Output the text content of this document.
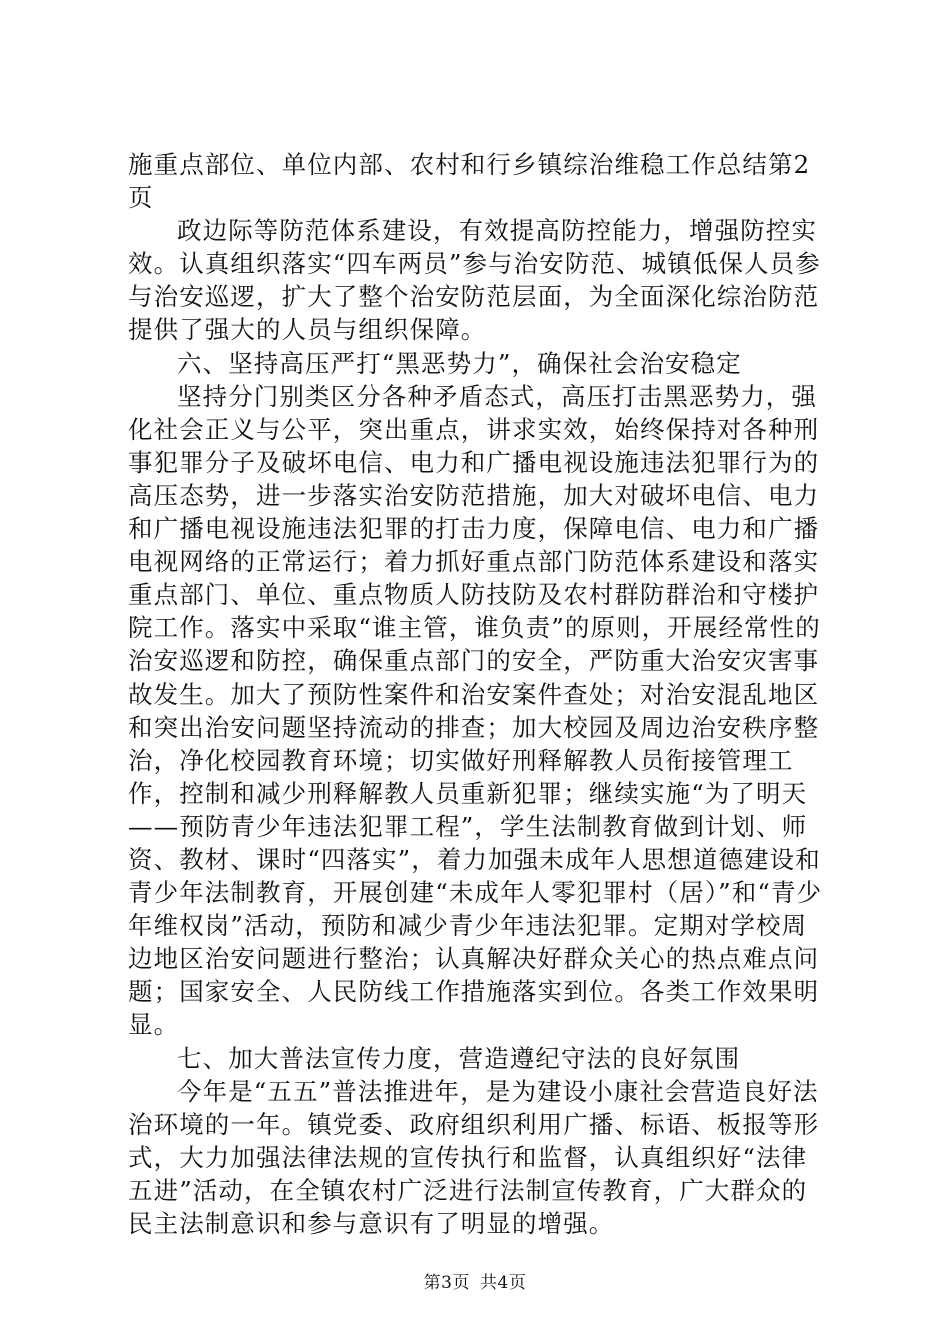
施重点部位、单位内部、农村和行乡镇综治维稳工作总结第2页

政边际等防范体系建设，有效提高防控能力，增强防控实效。认真组织落实“四车两员”参与治安防范、城镇低保人员参与治安巡逻，扩大了整个治安防范层面，为全面深化综治防范提供了强大的人员与组织保障。

六、坚持高压严打“黑恶势力”，确保社会治安稳定

坚持分门别类区分各种矛盾态式，高压打击黑恶势力，强化社会正义与公平，突出重点，讲求实效，始终保持对各种刑事犯罪分子及破坏电信、电力和广播电视设施违法犯罪行为的高压态势，进一步落实治安防范措施，加大对破坏电信、电力和广播电视设施违法犯罪的打击力度，保障电信、电力和广播电视网络的正常运行；着力抓好重点部门防范体系建设和落实重点部门、单位、重点物质人防技防及农村群防群治和守楼护院工作。落实中采取“谁主管，谁负责”的原则，开展经常性的治安巡逻和防控，确保重点部门的安全，严防重大治安灾害事故发生。加大了预防性案件和治安案件查处；对治安混乱地区和突出治安问题坚持流动的排查；加大校园及周边治安秩序整治，净化校园教育环境；切实做好刑释解教人员衔接管理工作，控制和减少刑释解教人员重新犯罪；继续实施“为了明天——预防青少年违法犯罪工程”，学生法制教育做到计划、师资、教材、课时“四落实”，着力加强未成年人思想道德建设和青少年法制教育，开展创建“未成年人零犯罪村（居）”和“青少年维权岗”活动，预防和减少青少年违法犯罪。定期对学校周边地区治安问题进行整治；认真解决好群众关心的热点难点问题；国家安全、人民防线工作措施落实到位。各类工作效果明显。

七、加大普法宣传力度，营造遵纪守法的良好氛围

今年是“五五”普法推进年，是为建设小康社会营造良好法治环境的一年。镇党委、政府组织利用广播、标语、板报等形式，大力加强法律法规的宣传执行和监督，认真组织好“法律五进”活动，在全镇农村广泛进行法制宣传教育，广大群众的民主法制意识和参与意识有了明显的增强。

第3页 共4页
